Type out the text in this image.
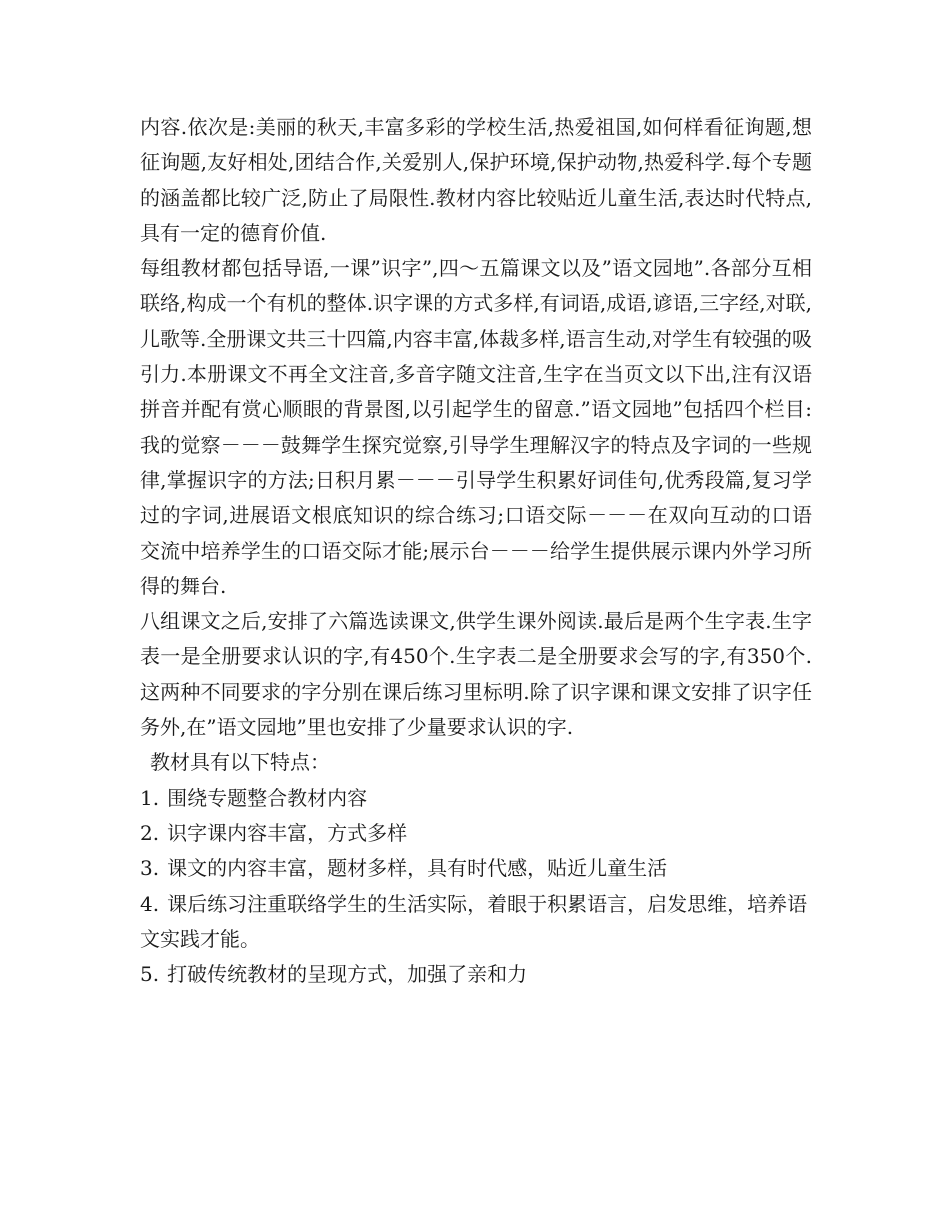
内容.依次是:美丽的秋天,丰富多彩的学校生活,热爱祖国,如何样看征询题,想征询题,友好相处,团结合作,关爱别人,保护环境,保护动物,热爱科学.每个专题的涵盖都比较广泛,防止了局限性.教材内容比较贴近儿童生活,表达时代特点,具有一定的德育价值.

每组教材都包括导语,一课”识字”,四～五篇课文以及”语文园地”.各部分互相联络,构成一个有机的整体.识字课的方式多样,有词语,成语,谚语,三字经,对联,儿歌等.全册课文共三十四篇,内容丰富,体裁多样,语言生动,对学生有较强的吸引力.本册课文不再全文注音,多音字随文注音,生字在当页文以下出,注有汉语拼音并配有赏心顺眼的背景图,以引起学生的留意.”语文园地”包括四个栏目:我的觉察－－－鼓舞学生探究觉察,引导学生理解汉字的特点及字词的一些规律,掌握识字的方法;日积月累－－－引导学生积累好词佳句,优秀段篇,复习学过的字词,进展语文根底知识的综合练习;口语交际－－－在双向互动的口语交流中培养学生的口语交际才能;展示台－－－给学生提供展示课内外学习所得的舞台.

八组课文之后,安排了六篇选读课文,供学生课外阅读.最后是两个生字表.生字表一是全册要求认识的字,有450个.生字表二是全册要求会写的字,有350个.这两种不同要求的字分别在课后练习里标明.除了识字课和课文安排了识字任务外,在”语文园地”里也安排了少量要求认识的字.

教材具有以下特点：

1. 围绕专题整合教材内容
2. 识字课内容丰富，方式多样
3. 课文的内容丰富，题材多样，具有时代感，贴近儿童生活
4. 课后练习注重联络学生的生活实际，着眼于积累语言，启发思维，培养语文实践才能。
5. 打破传统教材的呈现方式，加强了亲和力
